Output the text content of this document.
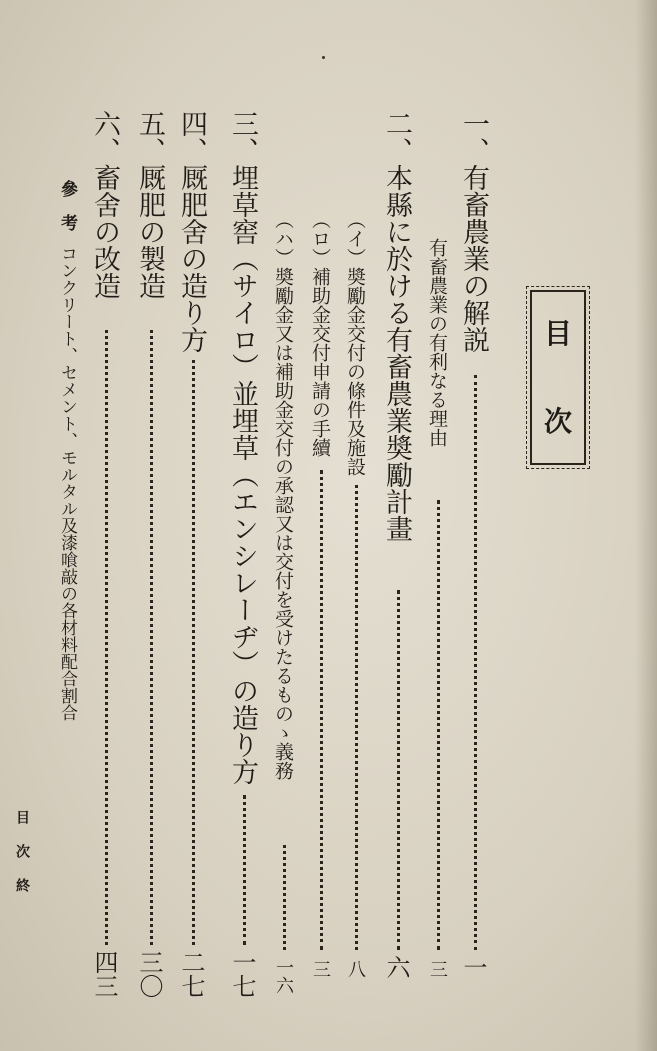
目
次
一、有畜農業の解説
一
有畜農業の有利なる理由
三
二、本縣に於ける有畜農業奬勵計畫
六
（イ）奬勵金交付の條件及施設
八
（ロ）補助金交付申請の手續
三
（ハ）奬勵金又は補助金交付の承認又は交付を受けたるものゝ義務
一六
三、埋草窖（サイロ）並埋草（エンシレーヂ）の造り方
一七
四、厩肥舍の造り方
二七
五、厩肥の製造
三〇
六、畜舍の改造
四三
參　考コンクリート、セメント、モルタル及漆喰敲の各材料配合割合
目次終
